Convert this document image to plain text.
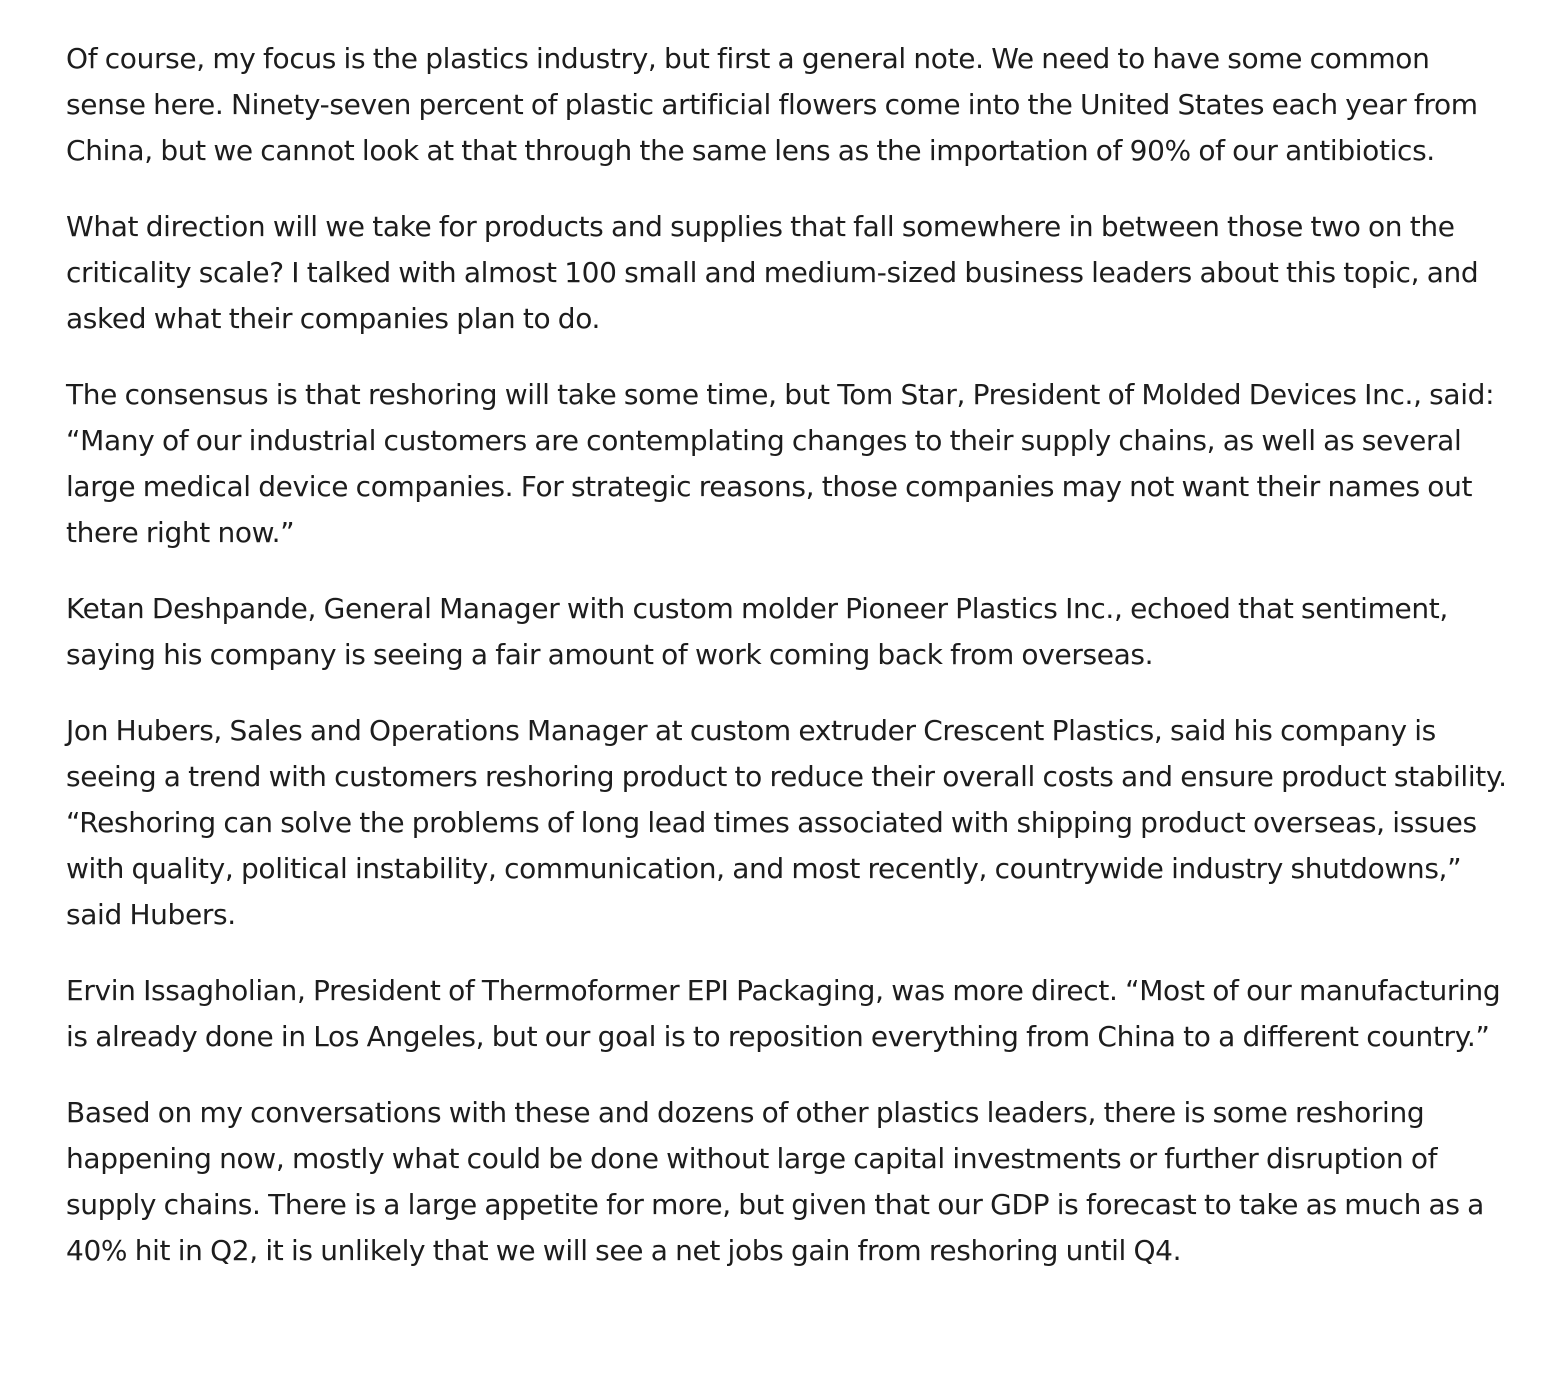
Of course, my focus is the plastics industry, but first a general note. We need to have some common sense here. Ninety-seven percent of plastic artificial flowers come into the United States each year from China, but we cannot look at that through the same lens as the importation of 90% of our antibiotics.

What direction will we take for products and supplies that fall somewhere in between those two on the criticality scale? I talked with almost 100 small and medium-sized business leaders about this topic, and asked what their companies plan to do.

The consensus is that reshoring will take some time, but Tom Star, President of Molded Devices Inc., said: “Many of our industrial customers are contemplating changes to their supply chains, as well as several large medical device companies. For strategic reasons, those companies may not want their names out there right now.”

Ketan Deshpande, General Manager with custom molder Pioneer Plastics Inc., echoed that sentiment, saying his company is seeing a fair amount of work coming back from overseas.

Jon Hubers, Sales and Operations Manager at custom extruder Crescent Plastics, said his company is seeing a trend with customers reshoring product to reduce their overall costs and ensure product stability. “Reshoring can solve the problems of long lead times associated with shipping product overseas, issues with quality, political instability, communication, and most recently, countrywide industry shutdowns,” said Hubers.

Ervin Issagholian, President of Thermoformer EPI Packaging, was more direct. “Most of our manufacturing is already done in Los Angeles, but our goal is to reposition everything from China to a different country.”

Based on my conversations with these and dozens of other plastics leaders, there is some reshoring happening now, mostly what could be done without large capital investments or further disruption of supply chains. There is a large appetite for more, but given that our GDP is forecast to take as much as a 40% hit in Q2, it is unlikely that we will see a net jobs gain from reshoring until Q4.
